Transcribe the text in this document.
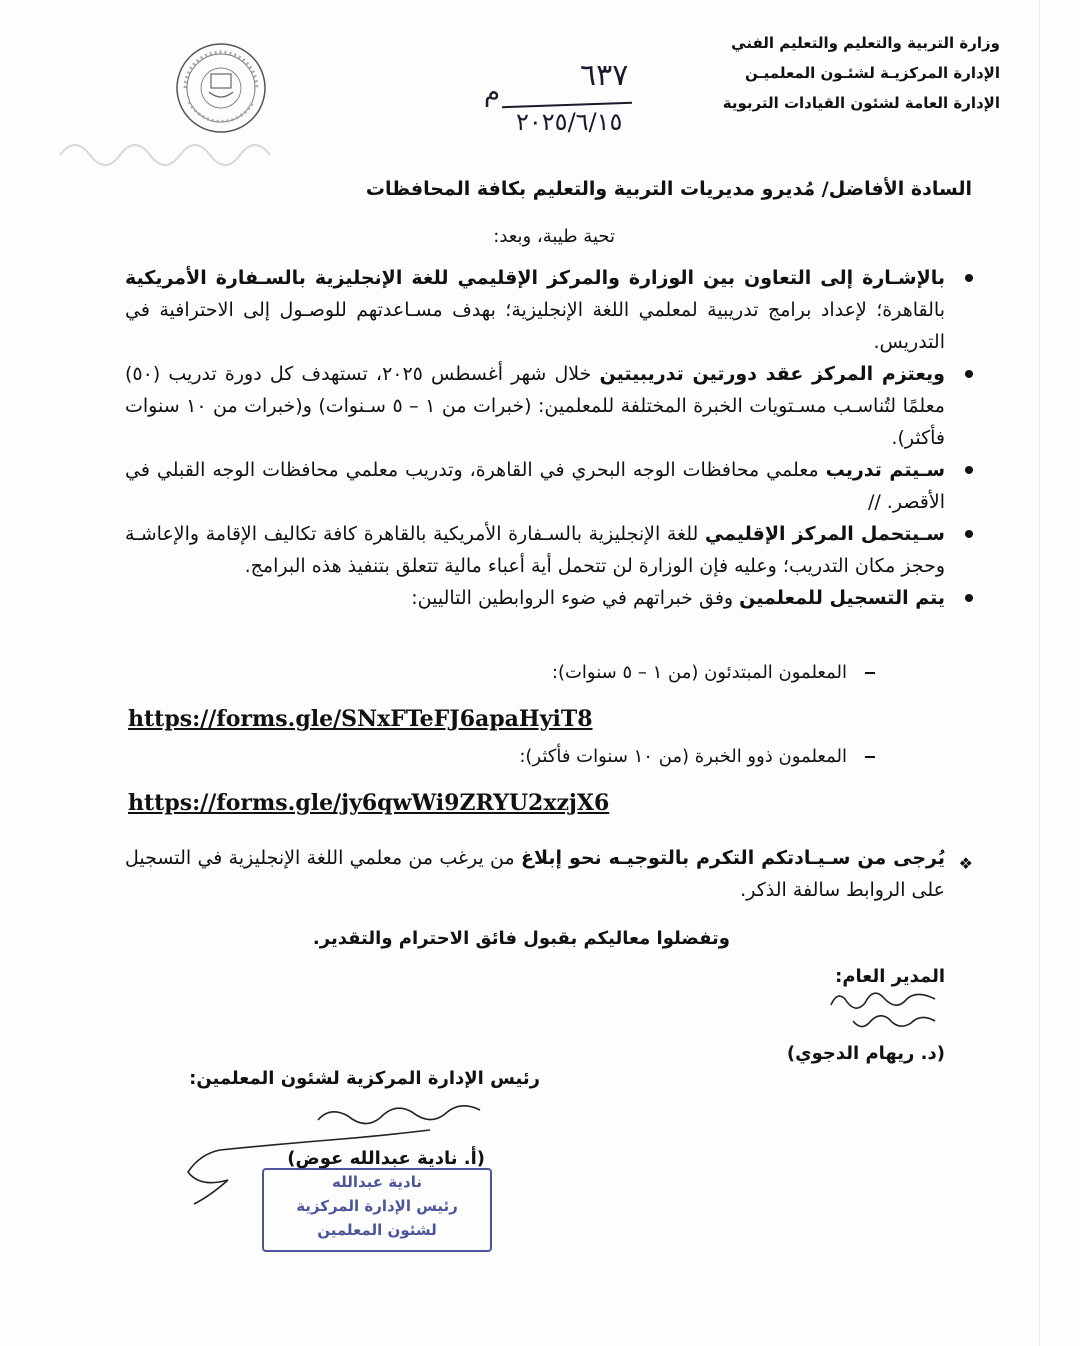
وزارة التربية والتعليم والتعليم الفني
الإدارة المركزيـة لشئـون المعلميـن
الإدارة العامة لشئون القيادات التربوية
م	٦٣٧
٢٠٢٥/٦/١٥
السادة الأفاضل/ مُديرو مديريات التربية والتعليم بكافة المحافظات
تحية طيبة، وبعد:
بالإشـارة إلى التعاون بين الوزارة والمركز الإقليمي للغة الإنجليزية بالسـفارة الأمريكية بالقاهرة؛ لإعداد برامج تدريبية لمعلمي اللغة الإنجليزية؛ بهدف مسـاعدتهم للوصـول إلى الاحترافية في التدريس.
ويعتزم المركز عقد دورتين تدريبيتين خلال شهر أغسطس ٢٠٢٥، تستهدف كل دورة تدريب (٥٠) معلمًا لتُناسـب مسـتويات الخبرة المختلفة للمعلمين: (خبرات من ١ – ٥ سـنوات) و(خبرات من ١٠ سنوات فأكثر).
سـيتم تدريب معلمي محافظات الوجه البحري في القاهرة، وتدريب معلمي محافظات الوجه القبلي في الأقصر. //
سـيتحمل المركز الإقليمي للغة الإنجليزية بالسـفارة الأمريكية بالقاهرة كافة تكاليف الإقامة والإعاشـة وحجز مكان التدريب؛ وعليه فإن الوزارة لن تتحمل أية أعباء مالية تتعلق بتنفيذ هذه البرامج.
يتم التسجيل للمعلمين وفق خبراتهم في ضوء الروابطين التاليين:
المعلمون المبتدئون (من ١ – ٥ سنوات):
https://forms.gle/SNxFTeFJ6apaHyiT8
المعلمون ذوو الخبرة (من ١٠ سنوات فأكثر):
https://forms.gle/jy6qwWi9ZRYU2xzjX6
❖
يُرجى من سـيـادتكم التكرم بالتوجيـه نحو إبلاغ من يرغب من معلمي اللغة الإنجليزية في التسجيل على الروابط سالفة الذكر.
وتفضلوا معاليكم بقبول فائق الاحترام والتقدير.
المدير العام:
(د. ريهام الدجوي)
رئيس الإدارة المركزية لشئون المعلمين:
(أ. نادية عبدالله عوض)
نادية عبدالله
رئيس الإدارة المركزية
لشئون المعلمين
